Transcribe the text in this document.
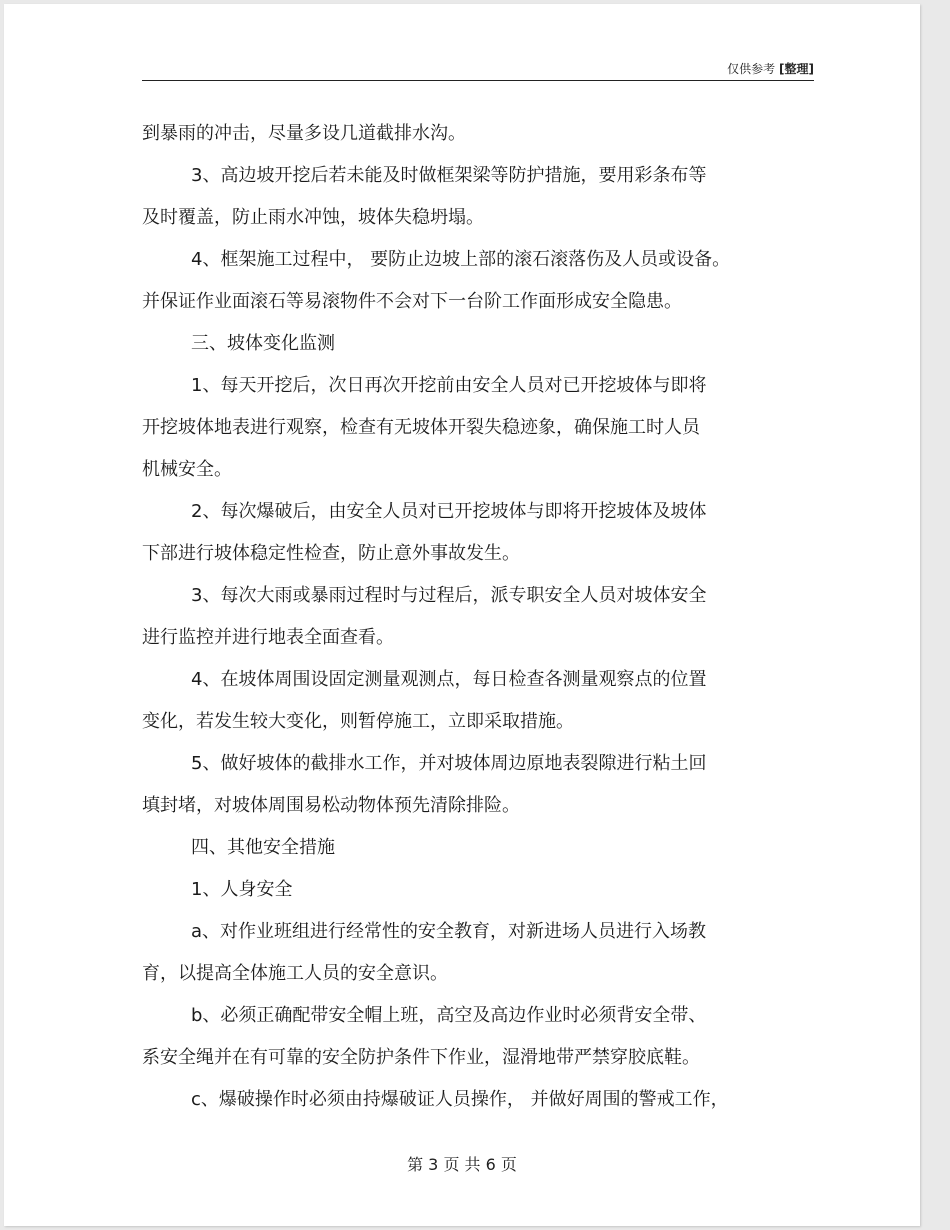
仅供参考 [整理]
到暴雨的冲击，尽量多设几道截排水沟。
3、高边坡开挖后若未能及时做框架梁等防护措施，要用彩条布等
及时覆盖，防止雨水冲蚀，坡体失稳坍塌。
4、框架施工过程中， 要防止边坡上部的滚石滚落伤及人员或设备。
并保证作业面滚石等易滚物件不会对下一台阶工作面形成安全隐患。
三、坡体变化监测
1、每天开挖后，次日再次开挖前由安全人员对已开挖坡体与即将
开挖坡体地表进行观察，检查有无坡体开裂失稳迹象，确保施工时人员
机械安全。
2、每次爆破后，由安全人员对已开挖坡体与即将开挖坡体及坡体
下部进行坡体稳定性检查，防止意外事故发生。
3、每次大雨或暴雨过程时与过程后，派专职安全人员对坡体安全
进行监控并进行地表全面查看。
4、在坡体周围设固定测量观测点，每日检查各测量观察点的位置
变化，若发生较大变化，则暂停施工，立即采取措施。
5、做好坡体的截排水工作，并对坡体周边原地表裂隙进行粘土回
填封堵，对坡体周围易松动物体预先清除排险。
四、其他安全措施
1、人身安全
a、对作业班组进行经常性的安全教育，对新进场人员进行入场教
育，以提高全体施工人员的安全意识。
b、必须正确配带安全帽上班，高空及高边作业时必须背安全带、
系安全绳并在有可靠的安全防护条件下作业，湿滑地带严禁穿胶底鞋。
c、爆破操作时必须由持爆破证人员操作， 并做好周围的警戒工作，
第 3 页 共 6 页
